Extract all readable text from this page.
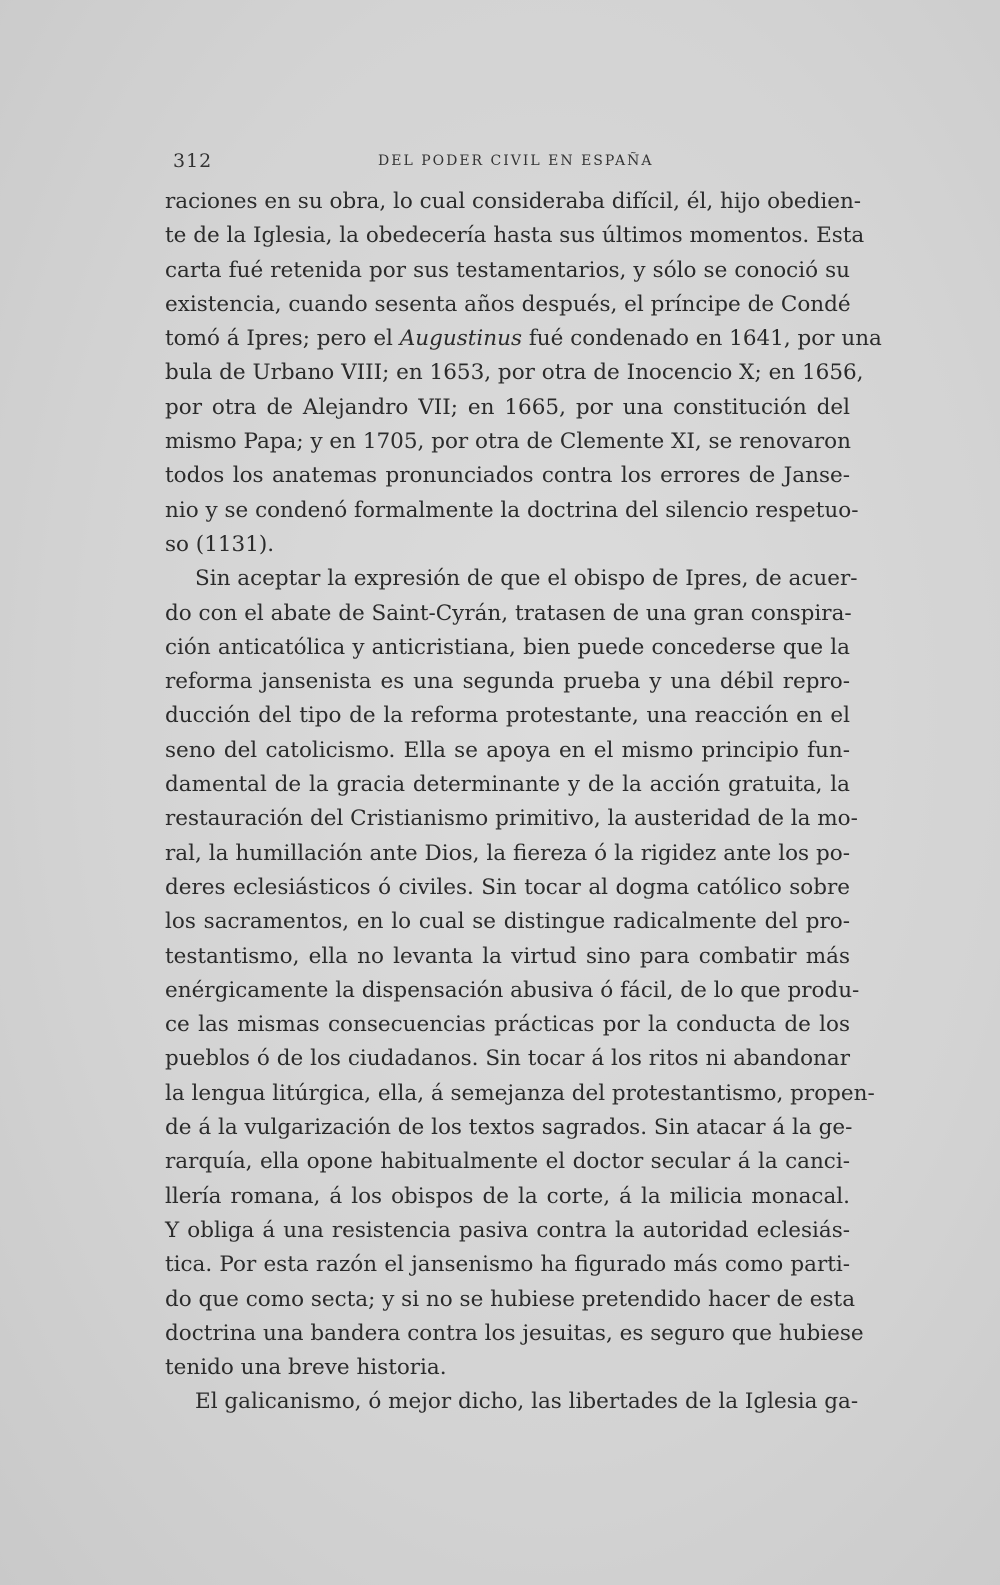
312	DEL PODER CIVIL EN ESPAÑA
raciones en su obra, lo cual consideraba difícil, él, hijo obedien-
te de la Iglesia, la obedecería hasta sus últimos momentos. Esta
carta fué retenida por sus testamentarios, y sólo se conoció su
existencia, cuando sesenta años después, el príncipe de Condé
tomó á Ipres; pero el Augustinus fué condenado en 1641, por una
bula de Urbano VIII; en 1653, por otra de Inocencio X; en 1656,
por otra de Alejandro VII; en 1665, por una constitución del
mismo Papa; y en 1705, por otra de Clemente XI, se renovaron
todos los anatemas pronunciados contra los errores de Janse-
nio y se condenó formalmente la doctrina del silencio respetuo-
so (1131).
Sin aceptar la expresión de que el obispo de Ipres, de acuer-
do con el abate de Saint-Cyrán, tratasen de una gran conspira-
ción anticatólica y anticristiana, bien puede concederse que la
reforma jansenista es una segunda prueba y una débil repro-
ducción del tipo de la reforma protestante, una reacción en el
seno del catolicismo. Ella se apoya en el mismo principio fun-
damental de la gracia determinante y de la acción gratuita, la
restauración del Cristianismo primitivo, la austeridad de la mo-
ral, la humillación ante Dios, la fiereza ó la rigidez ante los po-
deres eclesiásticos ó civiles. Sin tocar al dogma católico sobre
los sacramentos, en lo cual se distingue radicalmente del pro-
testantismo, ella no levanta la virtud sino para combatir más
enérgicamente la dispensación abusiva ó fácil, de lo que produ-
ce las mismas consecuencias prácticas por la conducta de los
pueblos ó de los ciudadanos. Sin tocar á los ritos ni abandonar
la lengua litúrgica, ella, á semejanza del protestantismo, propen-
de á la vulgarización de los textos sagrados. Sin atacar á la ge-
rarquía, ella opone habitualmente el doctor secular á la canci-
llería romana, á los obispos de la corte, á la milicia monacal.
Y obliga á una resistencia pasiva contra la autoridad eclesiás-
tica. Por esta razón el jansenismo ha figurado más como parti-
do que como secta; y si no se hubiese pretendido hacer de esta
doctrina una bandera contra los jesuitas, es seguro que hubiese
tenido una breve historia.
El galicanismo, ó mejor dicho, las libertades de la Iglesia ga-
